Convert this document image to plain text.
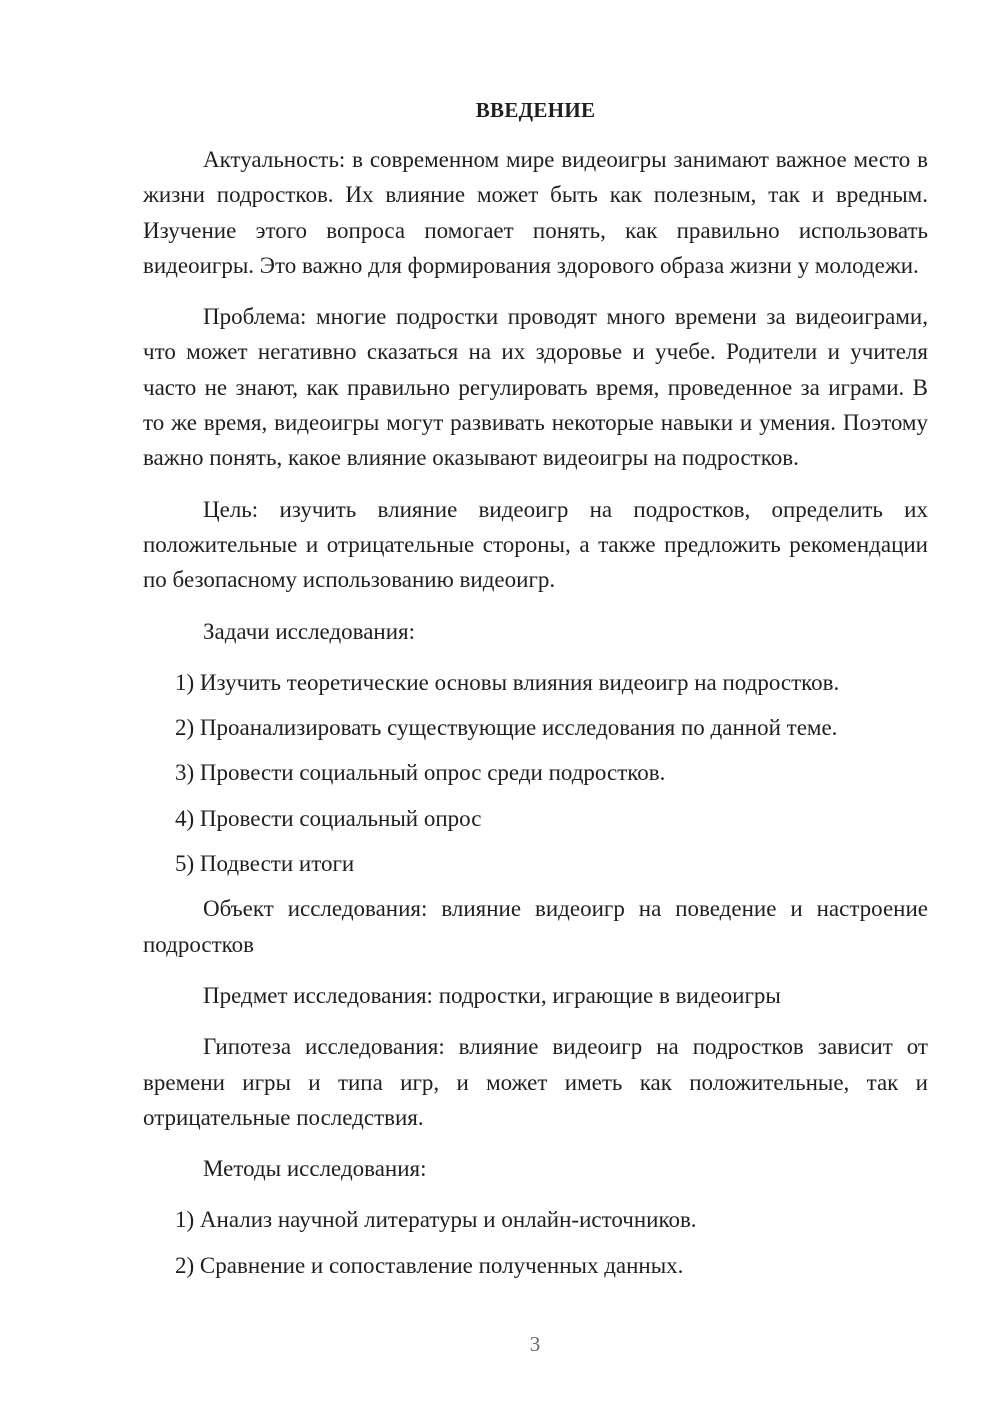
ВВЕДЕНИЕ

Актуальность: в современном мире видеоигры занимают важное место в жизни подростков. Их влияние может быть как полезным, так и вредным. Изучение этого вопроса помогает понять, как правильно использовать видеоигры. Это важно для формирования здорового образа жизни у молодежи.

Проблема: многие подростки проводят много времени за видеоиграми, что может негативно сказаться на их здоровье и учебе. Родители и учителя часто не знают, как правильно регулировать время, проведенное за играми. В то же время, видеоигры могут развивать некоторые навыки и умения. Поэтому важно понять, какое влияние оказывают видеоигры на подростков.

Цель: изучить влияние видеоигр на подростков, определить их положительные и отрицательные стороны, а также предложить рекомендации по безопасному использованию видеоигр.

Задачи исследования:

1) Изучить теоретические основы влияния видеоигр на подростков.
2) Проанализировать существующие исследования по данной теме.
3) Провести социальный опрос среди подростков.
4) Провести социальный опрос
5) Подвести итоги

Объект исследования: влияние видеоигр на поведение и настроение подростков

Предмет исследования: подростки, играющие в видеоигры

Гипотеза исследования: влияние видеоигр на подростков зависит от времени игры и типа игр, и может иметь как положительные, так и отрицательные последствия.

Методы исследования:

1) Анализ научной литературы и онлайн-источников.
2) Сравнение и сопоставление полученных данных.
3
